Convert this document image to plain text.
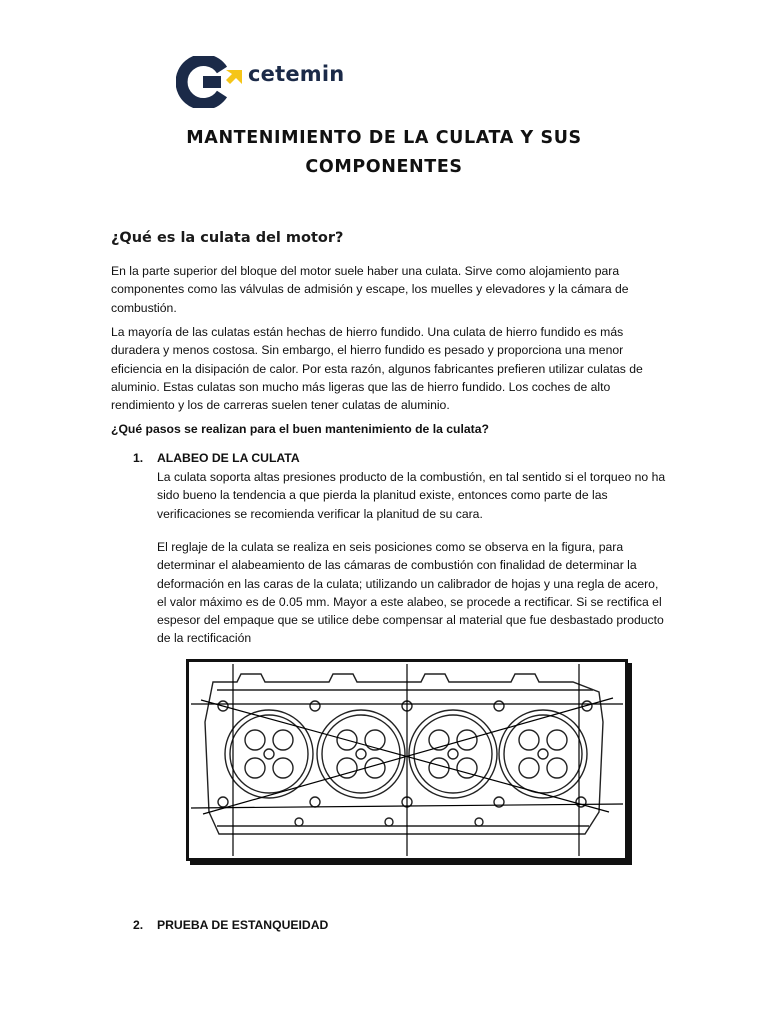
cetemin
MANTENIMIENTO DE LA CULATA Y SUS COMPONENTES
¿Qué es la culata del motor?

En la parte superior del bloque del motor suele haber una culata. Sirve como alojamiento para componentes como las válvulas de admisión y escape, los muelles y elevadores y la cámara de combustión.

La mayoría de las culatas están hechas de hierro fundido. Una culata de hierro fundido es más duradera y menos costosa. Sin embargo, el hierro fundido es pesado y proporciona una menor eficiencia en la disipación de calor. Por esta razón, algunos fabricantes prefieren utilizar culatas de aluminio. Estas culatas son mucho más ligeras que las de hierro fundido. Los coches de alto rendimiento y los de carreras suelen tener culatas de aluminio.

¿Qué pasos se realizan para el buen mantenimiento de la culata?
1. ALABEO DE LA CULATA

La culata soporta altas presiones producto de la combustión, en tal sentido si el torqueo no ha sido bueno la tendencia a que pierda la planitud existe, entonces como parte de las verificaciones se recomienda verificar la planitud de su cara.

El reglaje de la culata se realiza en seis posiciones como se observa en la figura, para determinar el alabeamiento de las cámaras de combustión con finalidad de determinar la deformación en las caras de la culata; utilizando un calibrador de hojas y una regla de acero, el valor máximo es de 0.05 mm. Mayor a este alabeo, se procede a rectificar. Si se rectifica el espesor del empaque que se utilice debe compensar al material que fue desbastado producto de la rectificación

2. PRUEBA DE ESTANQUEIDAD
